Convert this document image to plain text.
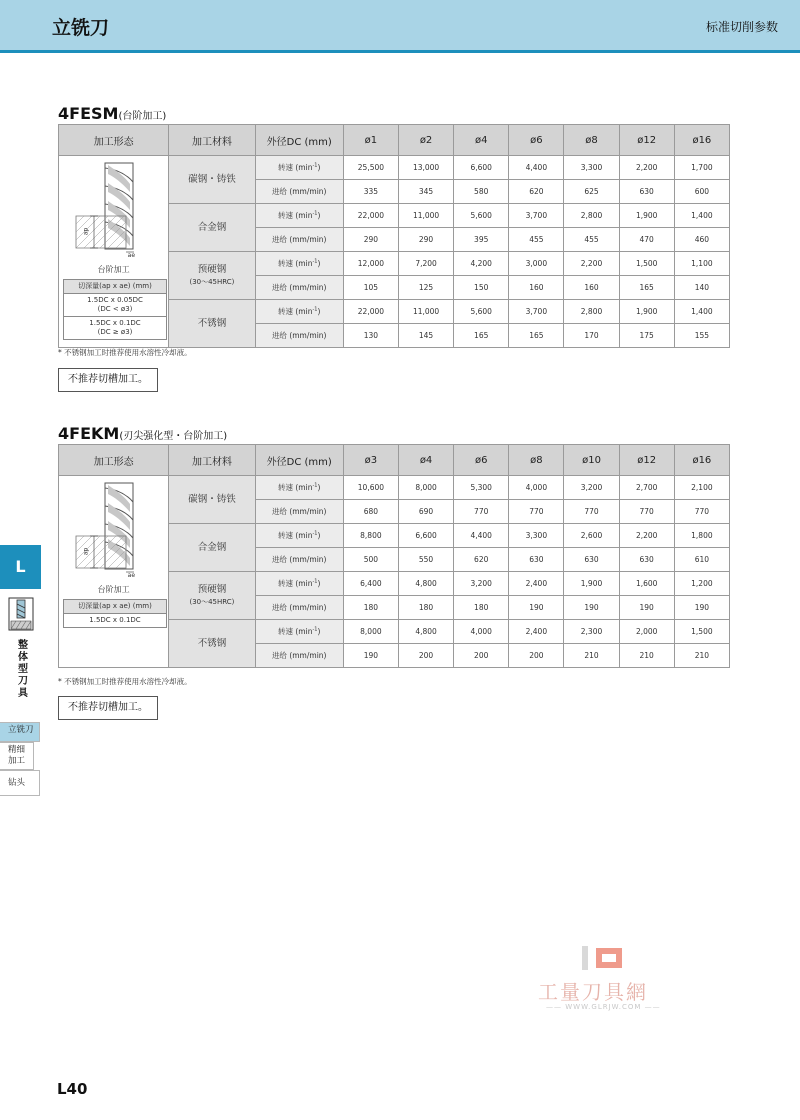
立铣刀	标准切削参数
4FESM(台阶加工)
加工形态	加工材料	外径DC (mm)	ø1	ø2	ø4	ø6	ø8	ø12	ø16

ap
ae
台阶加工
切深量(ap x ae) (mm)
1.5DC x 0.05DC
(DC < ø3)
1.5DC x 0.1DC
(DC ≥ ø3)
	碳钢・铸铁	转速 $(\min^{-1})$	25,500	13,000	6,600	4,400	3,300	2,200	1,700
进给 (mm/min)	335	345	580	620	625	630	600
合金钢	转速 $(\min^{-1})$	22,000	11,000	5,600	3,700	2,800	1,900	1,400
进给 (mm/min)	290	290	395	455	455	470	460
预硬钢
(30～45HRC)
	转速 $(\min^{-1})$	12,000	7,200	4,200	3,000	2,200	1,500	1,100
进给 (mm/min)	105	125	150	160	160	165	140
不锈钢	转速 $(\min^{-1})$	22,000	11,000	5,600	3,700	2,800	1,900	1,400
进给 (mm/min)	130	145	165	165	170	175	155
* 不锈钢加工时推荐使用水溶性冷却液。
不推荐切槽加工。
4FEKM(刃尖强化型・台阶加工)
加工形态	加工材料	外径DC (mm)	ø3	ø4	ø6	ø8	ø10	ø12	ø16

ap
ae
台阶加工
切深量(ap x ae) (mm)
1.5DC x 0.1DC
	碳钢・铸铁	转速 $(\min^{-1})$	10,600	8,000	5,300	4,000	3,200	2,700	2,100
进给 (mm/min)	680	690	770	770	770	770	770
合金钢	转速 $(\min^{-1})$	8,800	6,600	4,400	3,300	2,600	2,200	1,800
进给 (mm/min)	500	550	620	630	630	630	610
预硬钢
(30～45HRC)
	转速 $(\min^{-1})$	6,400	4,800	3,200	2,400	1,900	1,600	1,200
进给 (mm/min)	180	180	180	190	190	190	190
不锈钢	转速 $(\min^{-1})$	8,000	4,800	4,000	2,400	2,300	2,000	1,500
进给 (mm/min)	190	200	200	200	210	210	210
* 不锈钢加工时推荐使用水溶性冷却液。
不推荐切槽加工。
L
整体型刀具
立铣刀
精细加工
钻头
工量刀具網
—— WWW.GLRJW.COM ——
L40
